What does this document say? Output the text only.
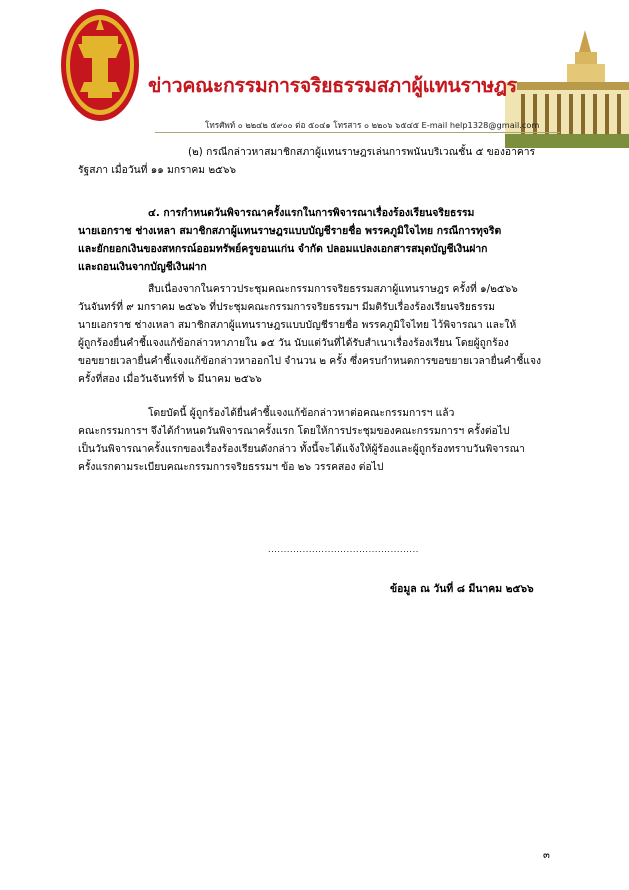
ข่าวคณะกรรมการจริยธรรมสภาผู้แทนราษฎร
โทรศัพท์ ๐ ๒๒๔๒ ๕๙๐๐ ต่อ ๕๐๔๑ โทรสาร ๐ ๒๒๐๖ ๖๕๔๕ E-mail help1328@gmail.com
(๒) กรณีกล่าวหาสมาชิกสภาผู้แทนราษฎรเล่นการพนันบริเวณชั้น ๕ ของอาคาร
รัฐสภา เมื่อวันที่ ๑๑ มกราคม ๒๕๖๖
๔. การกำหนดวันพิจารณาครั้งแรกในการพิจารณาเรื่องร้องเรียนจริยธรรม
นายเอกราช ช่างเหลา สมาชิกสภาผู้แทนราษฎรแบบบัญชีรายชื่อ พรรคภูมิใจไทย กรณีการทุจริต
และยักยอกเงินของสหกรณ์ออมทรัพย์ครูขอนแก่น จำกัด ปลอมแปลงเอกสารสมุดบัญชีเงินฝาก
และถอนเงินจากบัญชีเงินฝาก
สืบเนื่องจากในคราวประชุมคณะกรรมการจริยธรรมสภาผู้แทนราษฎร ครั้งที่ ๑/๒๕๖๖
วันจันทร์ที่ ๙ มกราคม ๒๕๖๖ ที่ประชุมคณะกรรมการจริยธรรมฯ มีมติรับเรื่องร้องเรียนจริยธรรม
นายเอกราช ช่างเหลา สมาชิกสภาผู้แทนราษฎรแบบบัญชีรายชื่อ พรรคภูมิใจไทย ไว้พิจารณา และให้
ผู้ถูกร้องยื่นคำชี้แจงแก้ข้อกล่าวหาภายใน ๑๕ วัน นับแต่วันที่ได้รับสำเนาเรื่องร้องเรียน โดยผู้ถูกร้อง
ขอขยายเวลายื่นคำชี้แจงแก้ข้อกล่าวหาออกไป จำนวน ๒ ครั้ง ซึ่งครบกำหนดการขอขยายเวลายื่นคำชี้แจง
ครั้งที่สอง เมื่อวันจันทร์ที่ ๖ มีนาคม ๒๕๖๖
โดยบัดนี้ ผู้ถูกร้องได้ยื่นคำชี้แจงแก้ข้อกล่าวหาต่อคณะกรรมการฯ แล้ว
คณะกรรมการฯ จึงได้กำหนดวันพิจารณาครั้งแรก โดยให้การประชุมของคณะกรรมการฯ ครั้งต่อไป
เป็นวันพิจารณาครั้งแรกของเรื่องร้องเรียนดังกล่าว ทั้งนี้จะได้แจ้งให้ผู้ร้องและผู้ถูกร้องทราบวันพิจารณา
ครั้งแรกตามระเบียบคณะกรรมการจริยธรรมฯ ข้อ ๒๖ วรรคสอง ต่อไป
................................................
ข้อมูล ณ วันที่ ๘ มีนาคม ๒๕๖๖
๓
